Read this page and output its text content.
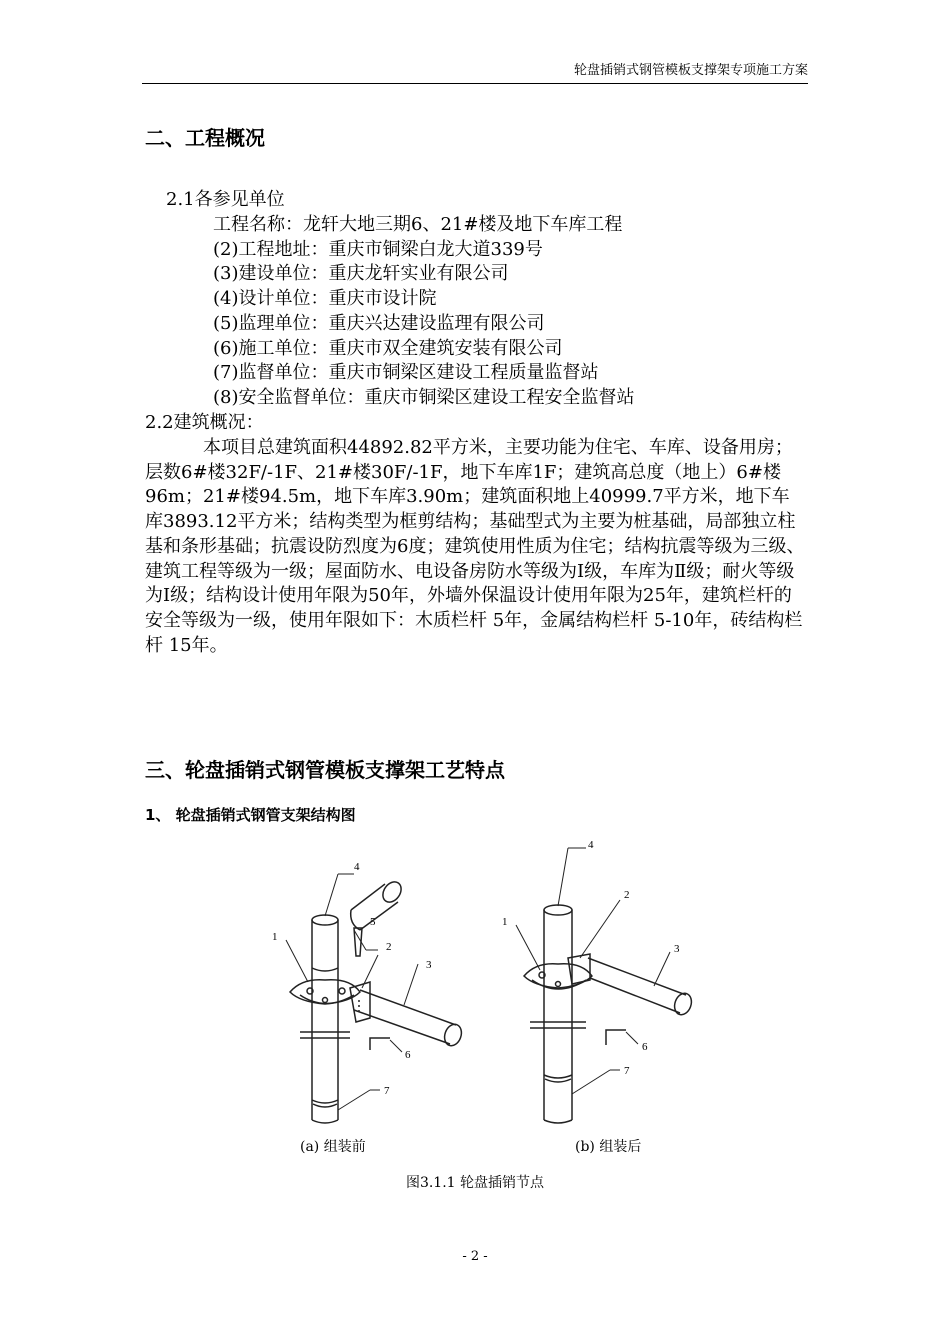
轮盘插销式钢管模板支撑架专项施工方案
二、工程概况
2.1各参见单位
工程名称：龙轩大地三期6、21#楼及地下车库工程
(2)工程地址：重庆市铜梁白龙大道339号
(3)建设单位：重庆龙轩实业有限公司
(4)设计单位：重庆市设计院
(5)监理单位：重庆兴达建设监理有限公司
(6)施工单位：重庆市双全建筑安装有限公司
(7)监督单位：重庆市铜梁区建设工程质量监督站
(8)安全监督单位：重庆市铜梁区建设工程安全监督站
2.2建筑概况：
本项目总建筑面积44892.82平方米，主要功能为住宅、车库、设备用房；层数6#楼32F/-1F、21#楼30F/-1F，地下车库1F；建筑高总度（地上）6#楼96m；21#楼94.5m，地下车库3.90m；建筑面积地上40999.7平方米，地下车库3893.12平方米；结构类型为框剪结构；基础型式为主要为桩基础，局部独立柱基和条形基础；抗震设防烈度为6度；建筑使用性质为住宅；结构抗震等级为三级、建筑工程等级为一级；屋面防水、电设备房防水等级为Ⅰ级，车库为Ⅱ级；耐火等级为Ⅰ级；结构设计使用年限为50年，外墙外保温设计使用年限为25年，建筑栏杆的安全等级为一级，使用年限如下：木质栏杆 5年，金属结构栏杆 5-10年，砖结构栏杆 15年。
三、轮盘插销式钢管模板支撑架工艺特点
1、 轮盘插销式钢管支架结构图
4
1
5
2
3
6
7
4
1
2
3
6
7
(a) 组装前	(b) 组装后
图3.1.1 轮盘插销节点
- 2 -
